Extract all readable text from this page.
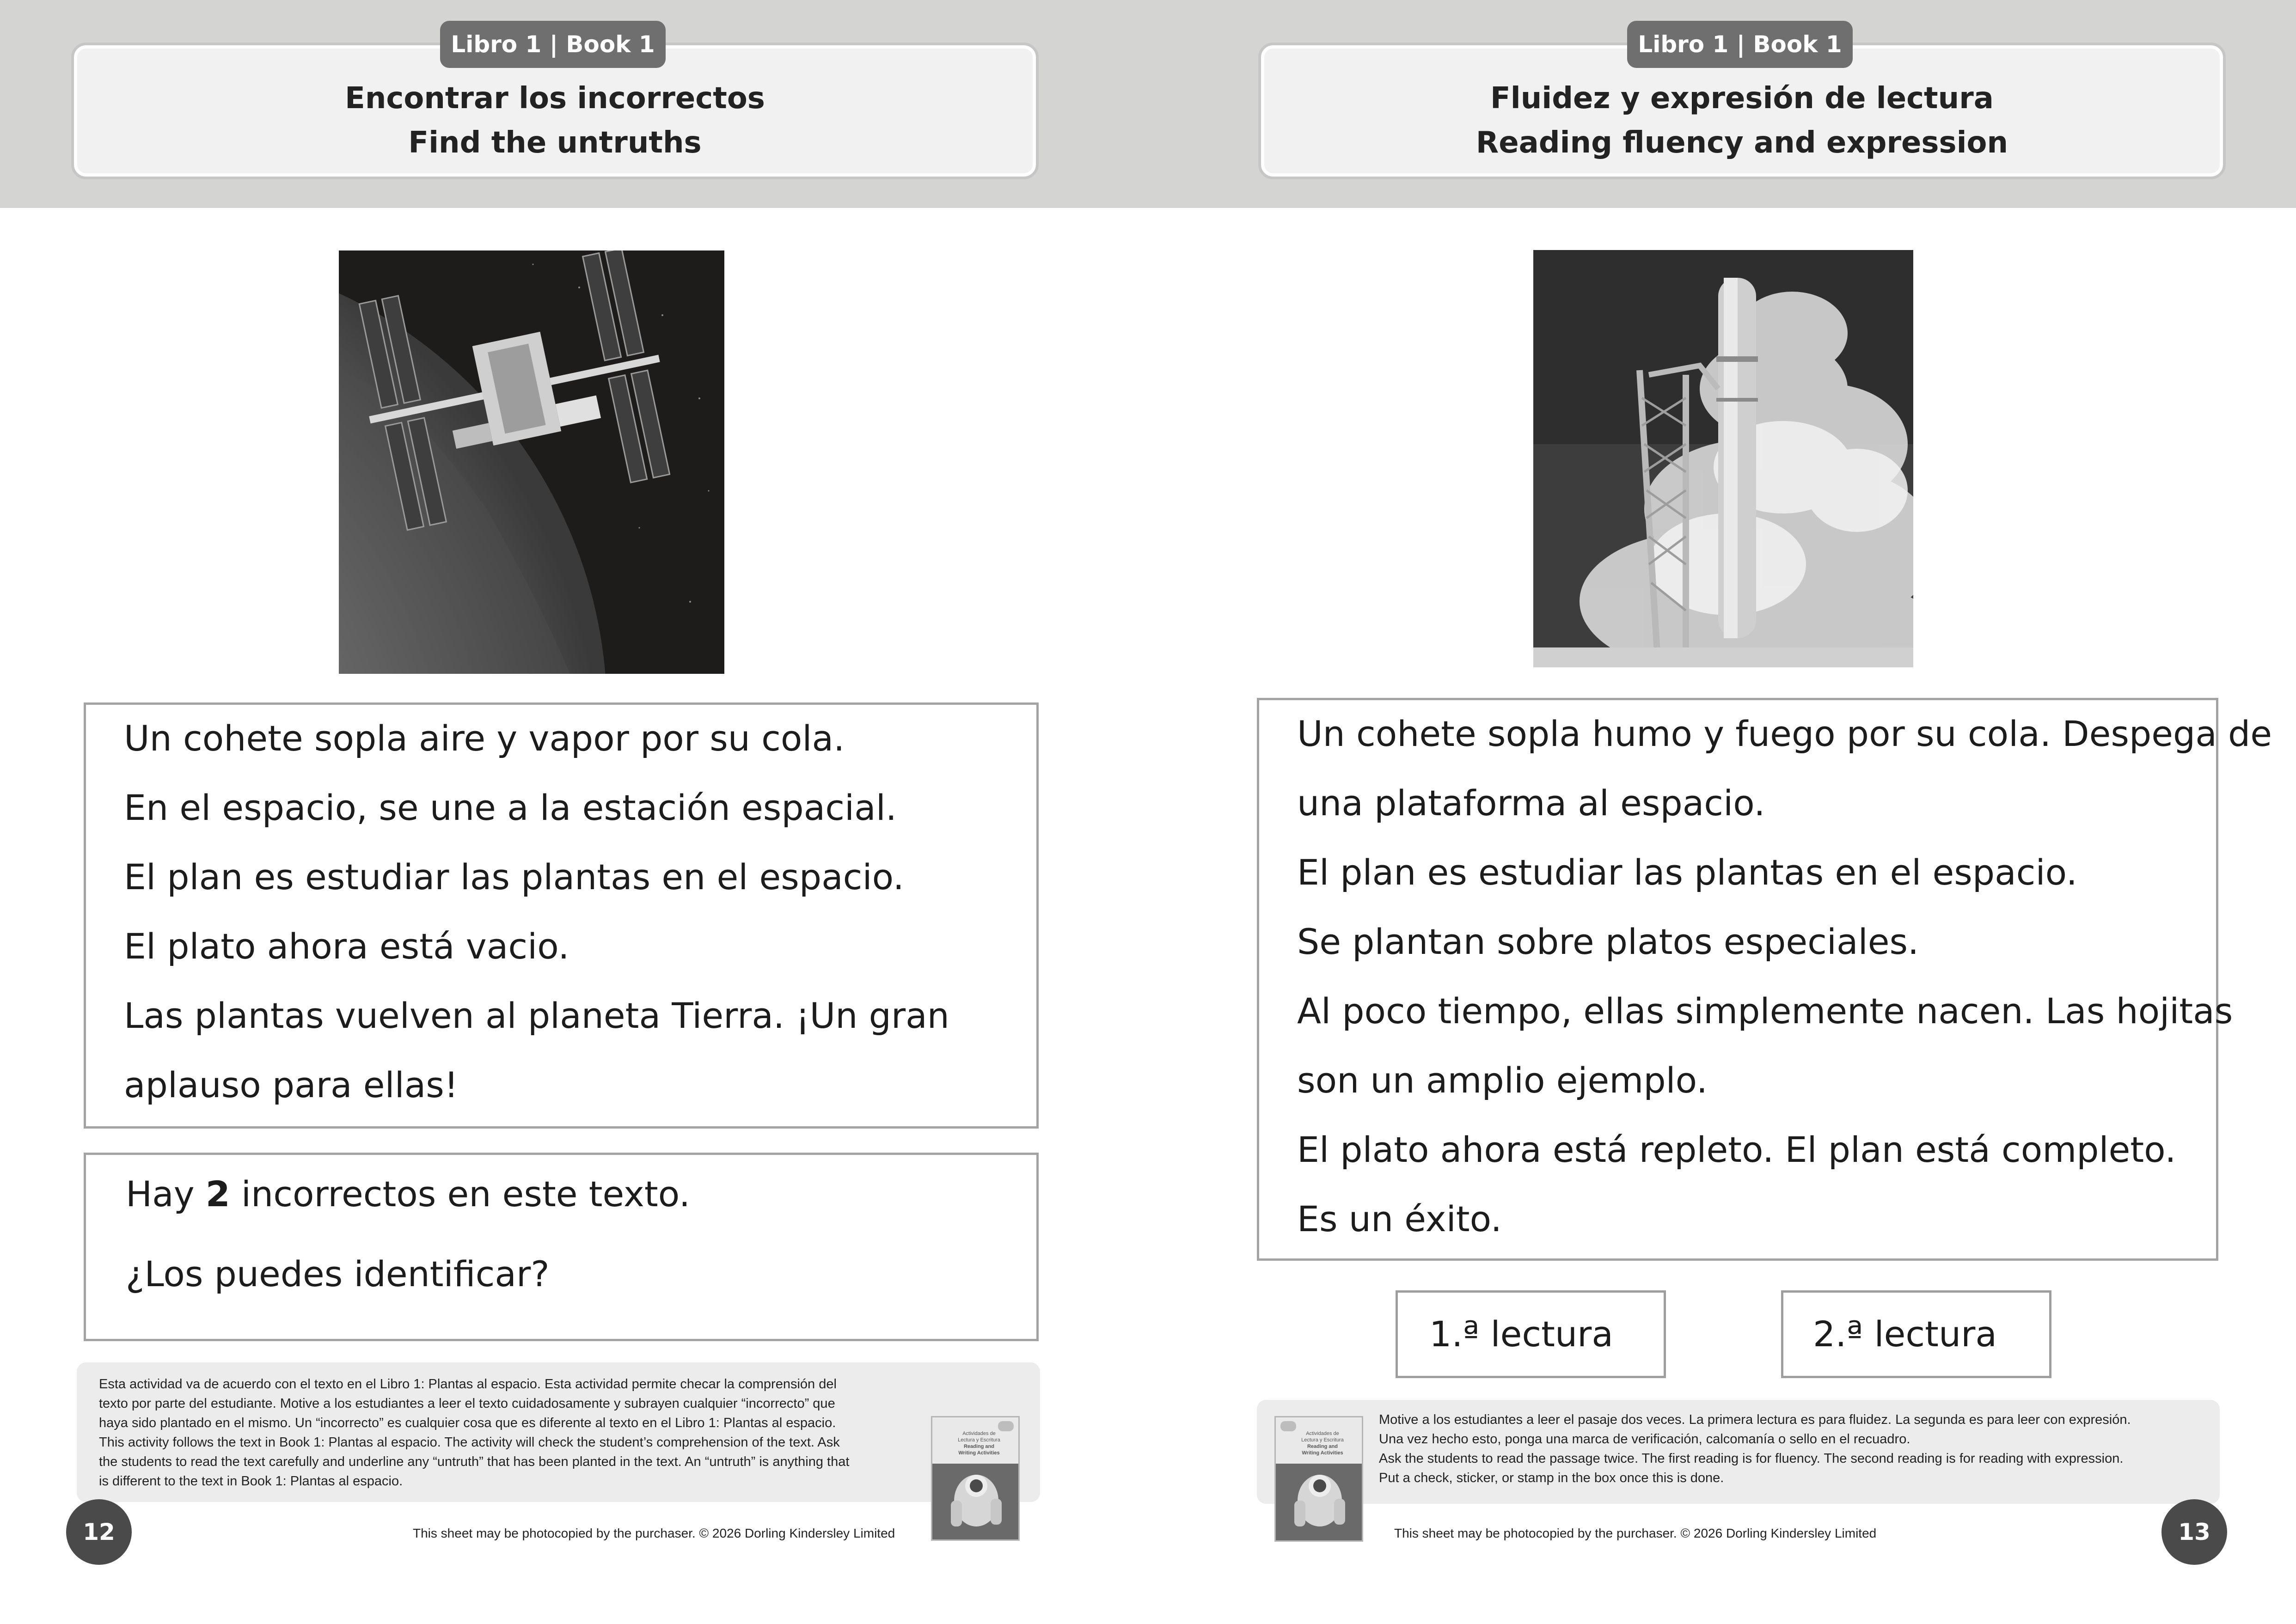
Encontrar los incorrectos
Find the untruths
Libro 1 | Book 1
Un cohete sopla aire y vapor por su cola.
En el espacio, se une a la estación espacial.
El plan es estudiar las plantas en el espacio.
El plato ahora está vacio.
Las plantas vuelven al planeta Tierra. ¡Un gran
aplauso para ellas!
Hay 2 incorrectos en este texto.
¿Los puedes identificar?
Esta actividad va de acuerdo con el texto en el Libro 1: Plantas al espacio. Esta actividad permite checar la comprensión del
texto por parte del estudiante. Motive a los estudiantes a leer el texto cuidadosamente y subrayen cualquier “incorrecto” que
haya sido plantado en el mismo. Un “incorrecto” es cualquier cosa que es diferente al texto en el Libro 1: Plantas al espacio.
This activity follows the text in Book 1: Plantas al espacio. The activity will check the student’s comprehension of the text. Ask
the students to read the text carefully and underline any “untruth” that has been planted in the text. An “untruth” is anything that
is different to the text in Book 1: Plantas al espacio.
Actividades de
Lectura y Escritura
Reading and
Writing Activities
12	This sheet may be photocopied by the purchaser. © 2026 Dorling Kindersley Limited
Fluidez y expresión de lectura
Reading fluency and expression
Libro 1 | Book 1
Un cohete sopla humo y fuego por su cola. Despega de
una plataforma al espacio.
El plan es estudiar las plantas en el espacio.
Se plantan sobre platos especiales.
Al poco tiempo, ellas simplemente nacen. Las hojitas
son un amplio ejemplo.
El plato ahora está repleto. El plan está completo.
Es un éxito.
1.ª lectura	2.ª lectura
Motive a los estudiantes a leer el pasaje dos veces. La primera lectura es para fluidez. La segunda es para leer con expresión.
Una vez hecho esto, ponga una marca de verificación, calcomanía o sello en el recuadro.
Ask the students to read the passage twice. The first reading is for fluency. The second reading is for reading with expression.
Put a check, sticker, or stamp in the box once this is done.
Actividades de
Lectura y Escritura
Reading and
Writing Activities
13
This sheet may be photocopied by the purchaser. © 2026 Dorling Kindersley Limited
